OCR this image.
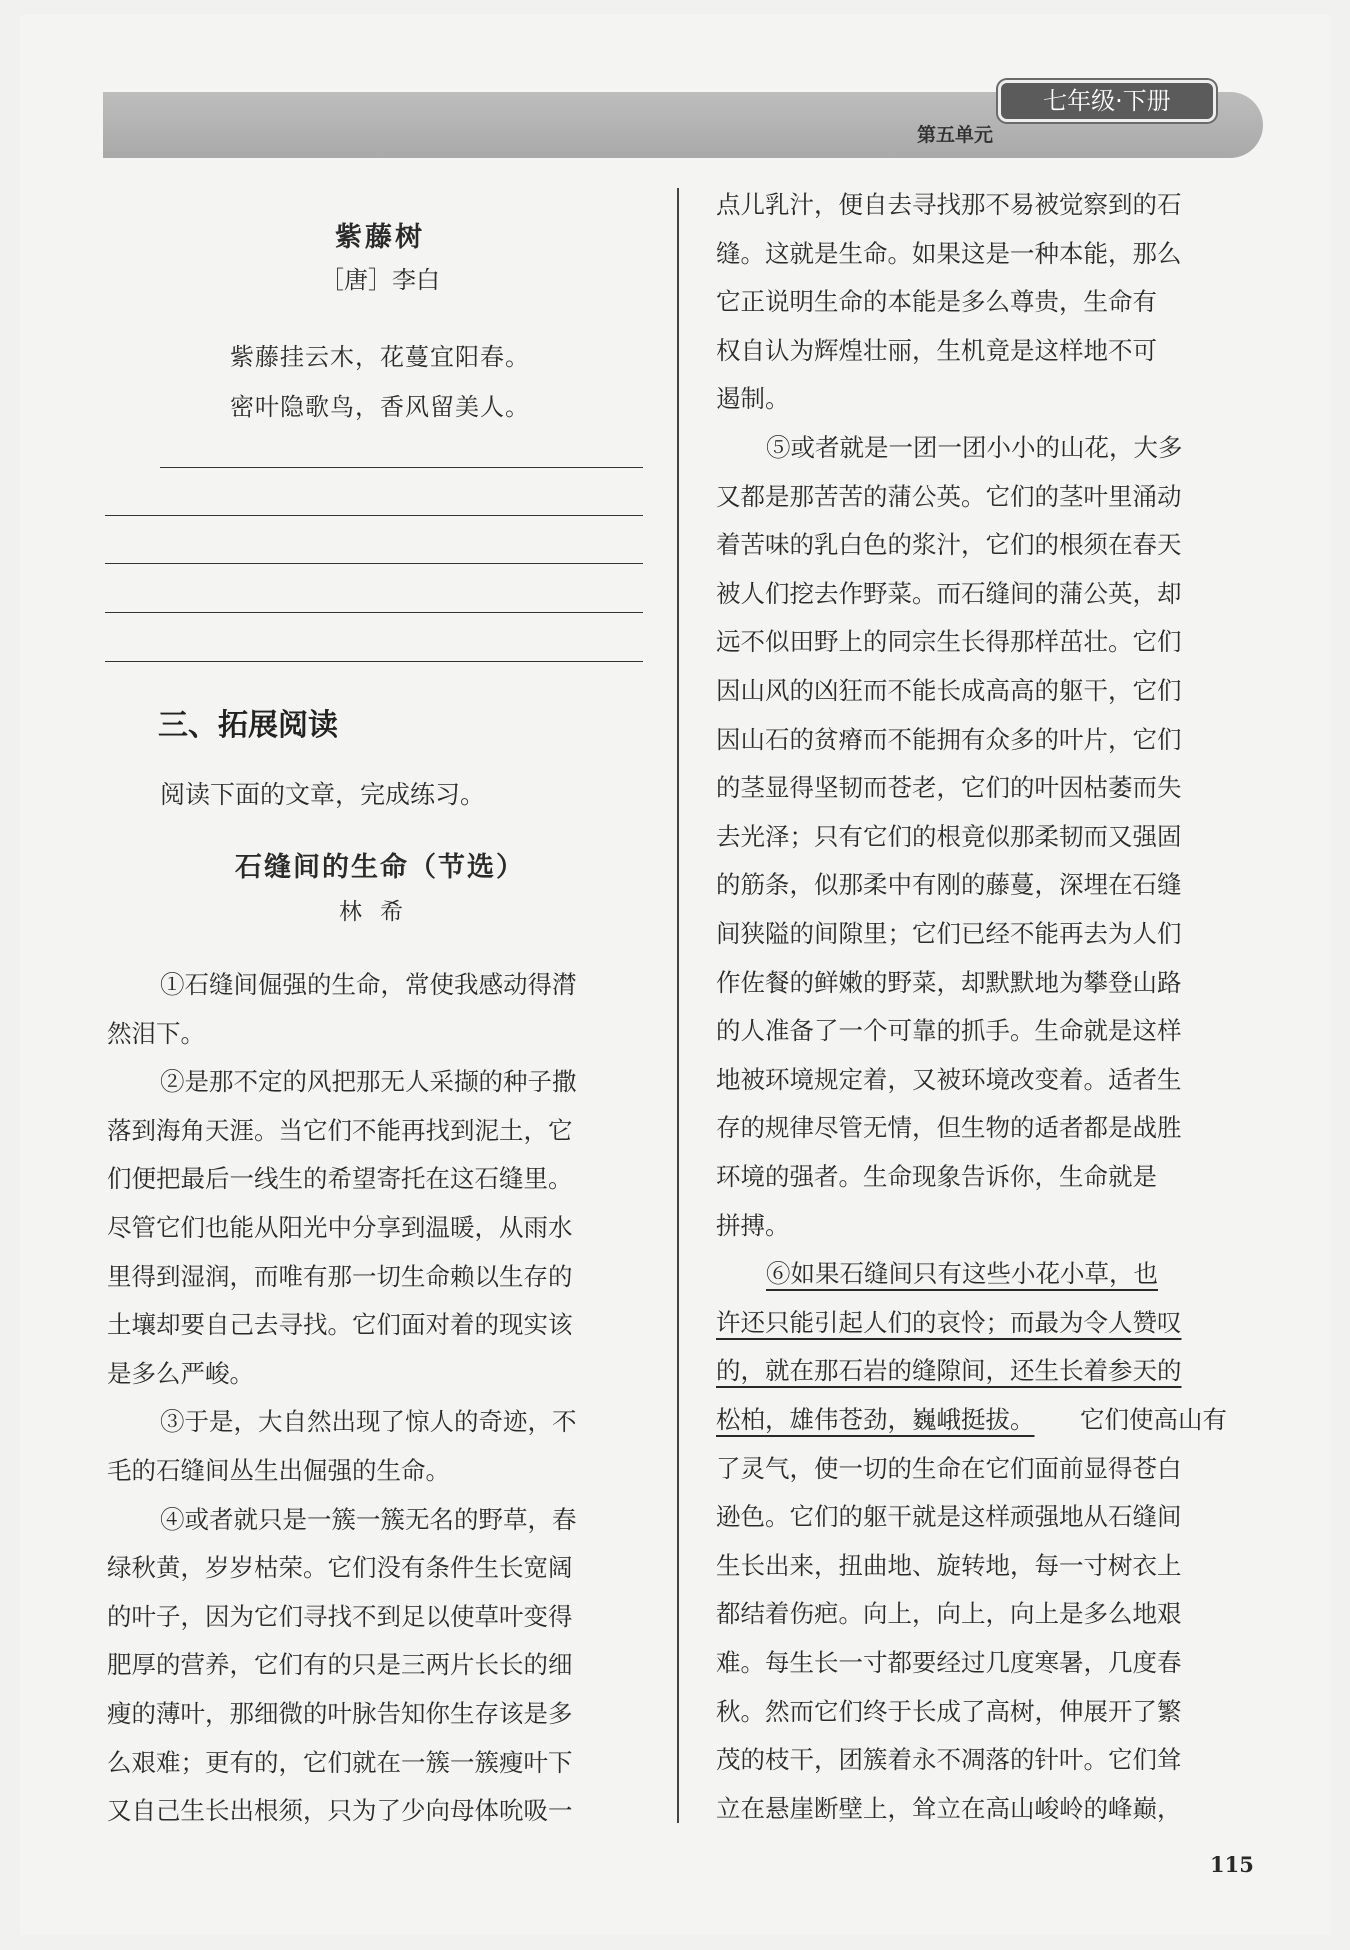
七年级·下册
第五单元
紫藤树
［唐］李白
紫藤挂云木，花蔓宜阳春。
密叶隐歌鸟，香风留美人。
三、拓展阅读
阅读下面的文章，完成练习。
石缝间的生命（节选）
林希
①石缝间倔强的生命，常使我感动得潸
然泪下。
②是那不定的风把那无人采撷的种子撒
落到海角天涯。当它们不能再找到泥土，它
们便把最后一线生的希望寄托在这石缝里。
尽管它们也能从阳光中分享到温暖，从雨水
里得到湿润，而唯有那一切生命赖以生存的
土壤却要自己去寻找。它们面对着的现实该
是多么严峻。
③于是，大自然出现了惊人的奇迹，不
毛的石缝间丛生出倔强的生命。
④或者就只是一簇一簇无名的野草，春
绿秋黄，岁岁枯荣。它们没有条件生长宽阔
的叶子，因为它们寻找不到足以使草叶变得
肥厚的营养，它们有的只是三两片长长的细
瘦的薄叶，那细微的叶脉告知你生存该是多
么艰难；更有的，它们就在一簇一簇瘦叶下
又自己生长出根须，只为了少向母体吮吸一
点儿乳汁，便自去寻找那不易被觉察到的石
缝。这就是生命。如果这是一种本能，那么
它正说明生命的本能是多么尊贵，生命有
权自认为辉煌壮丽，生机竟是这样地不可
遏制。
⑤或者就是一团一团小小的山花，大多
又都是那苦苦的蒲公英。它们的茎叶里涌动
着苦味的乳白色的浆汁，它们的根须在春天
被人们挖去作野菜。而石缝间的蒲公英，却
远不似田野上的同宗生长得那样茁壮。它们
因山风的凶狂而不能长成高高的躯干，它们
因山石的贫瘠而不能拥有众多的叶片，它们
的茎显得坚韧而苍老，它们的叶因枯萎而失
去光泽；只有它们的根竟似那柔韧而又强固
的筋条，似那柔中有刚的藤蔓，深埋在石缝
间狭隘的间隙里；它们已经不能再去为人们
作佐餐的鲜嫩的野菜，却默默地为攀登山路
的人准备了一个可靠的抓手。生命就是这样
地被环境规定着，又被环境改变着。适者生
存的规律尽管无情，但生物的适者都是战胜
环境的强者。生命现象告诉你，生命就是
拼搏。
⑥如果石缝间只有这些小花小草，也
许还只能引起人们的哀怜；而最为令人赞叹
的，就在那石岩的缝隙间，还生长着参天的
松柏，雄伟苍劲，巍峨挺拔。 它们使高山有
了灵气，使一切的生命在它们面前显得苍白
逊色。它们的躯干就是这样顽强地从石缝间
生长出来，扭曲地、旋转地，每一寸树衣上
都结着伤疤。向上，向上，向上是多么地艰
难。每生长一寸都要经过几度寒暑，几度春
秋。然而它们终于长成了高树，伸展开了繁
茂的枝干，团簇着永不凋落的针叶。它们耸
立在悬崖断壁上，耸立在高山峻岭的峰巅，
115
